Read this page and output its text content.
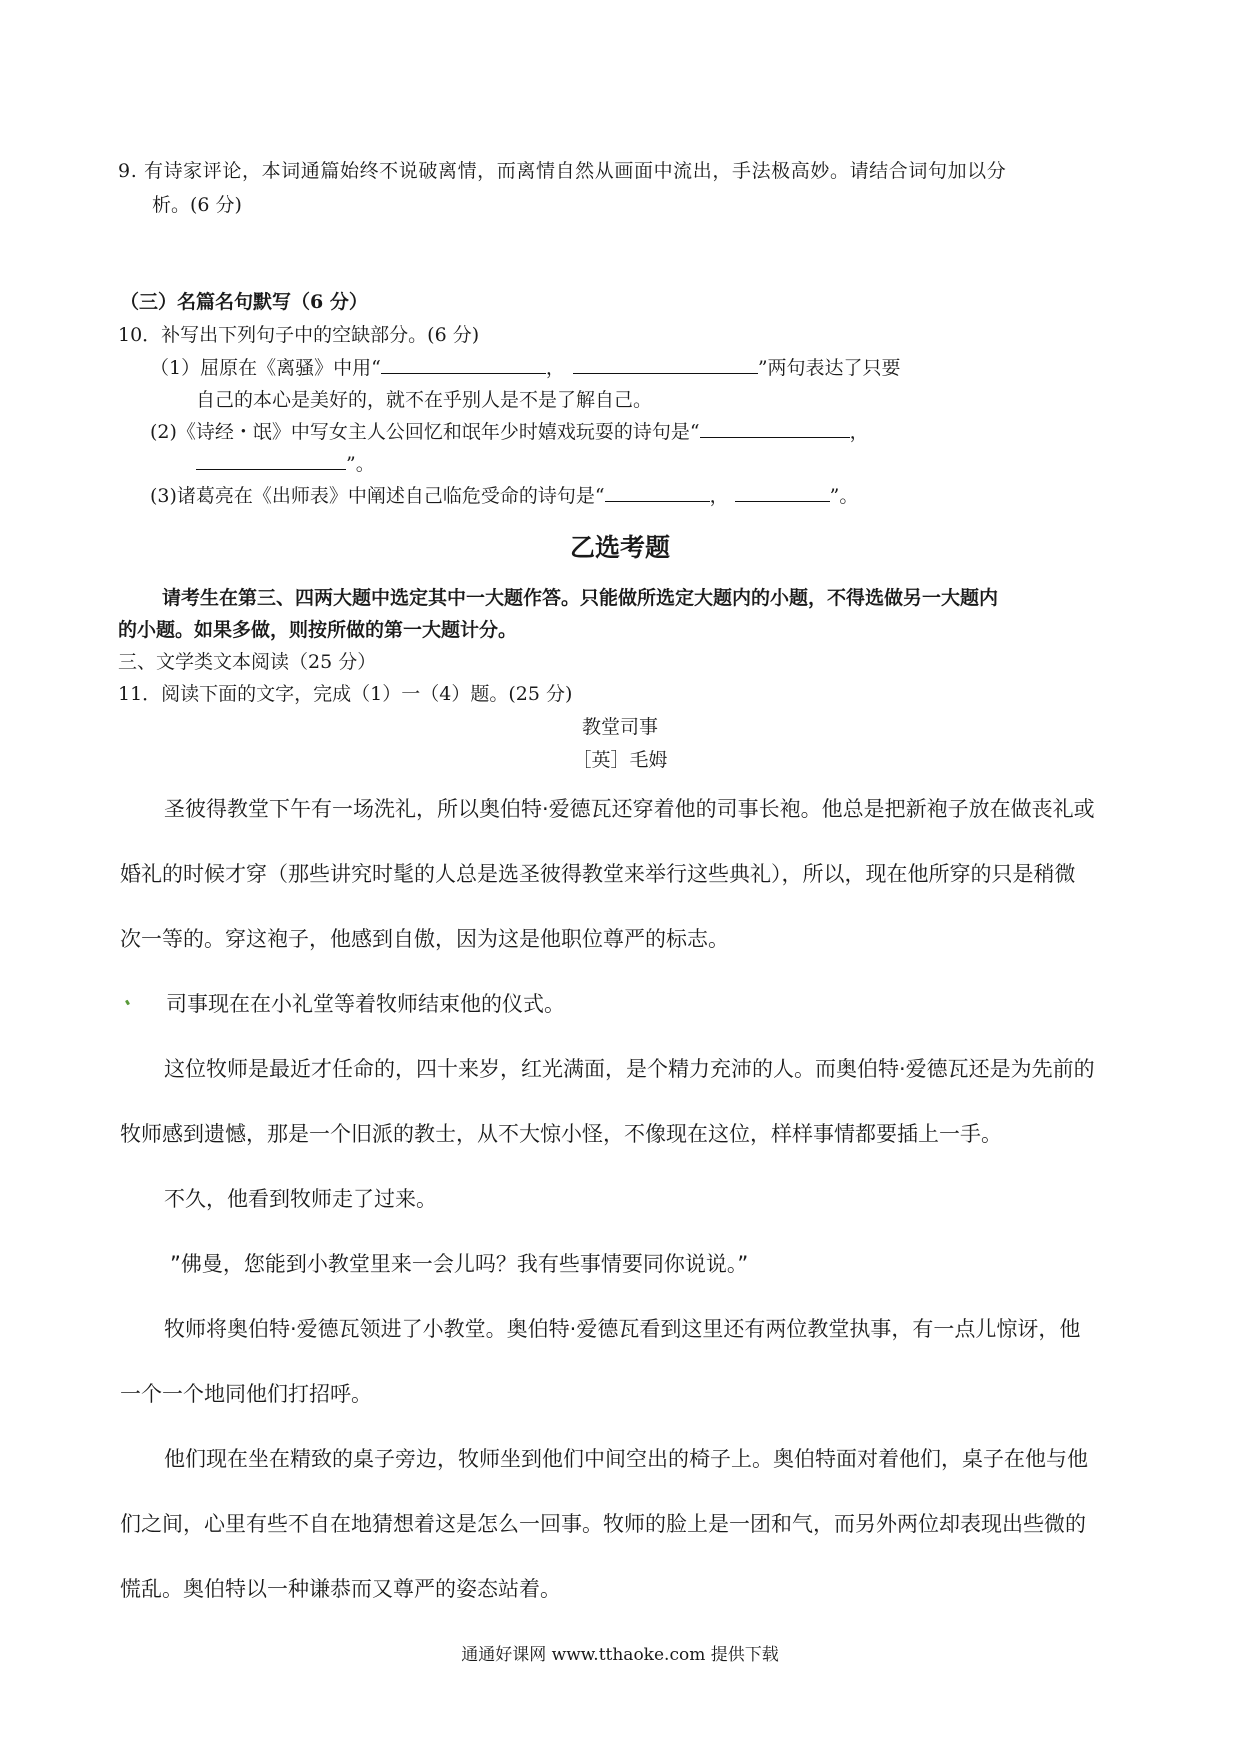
9. 有诗家评论，本词通篇始终不说破离情，而离情自然从画面中流出，手法极高妙。请结合词句加以分
析。(6 分)
（三）名篇名句默写（6 分）
10．补写出下列句子中的空缺部分。(6 分)
（1）屈原在《离骚》中用“	，	”两句表达了只要
自己的本心是美好的，就不在乎别人是不是了解自己。
(2)《诗经・氓》中写女主人公回忆和氓年少时嬉戏玩耍的诗句是“	，
”。
(3)诸葛亮在《出师表》中阐述自己临危受命的诗句是“	，	”。
乙选考题
请考生在第三、四两大题中选定其中一大题作答。只能做所选定大题内的小题，不得选做另一大题内
的小题。如果多做，则按所做的第一大题计分。
三、文学类文本阅读（25 分）
11．阅读下面的文字，完成（1）一（4）题。(25 分)
教堂司事
［英］毛姆
圣彼得教堂下午有一场洗礼，所以奥伯特·爱德瓦还穿着他的司事长袍。他总是把新袍子放在做丧礼或
婚礼的时候才穿（那些讲究时髦的人总是选圣彼得教堂来举行这些典礼），所以，现在他所穿的只是稍微
次一等的。穿这袍子，他感到自傲，因为这是他职位尊严的标志。
司事现在在小礼堂等着牧师结束他的仪式。
这位牧师是最近才任命的，四十来岁，红光满面，是个精力充沛的人。而奥伯特·爱德瓦还是为先前的
牧师感到遗憾，那是一个旧派的教士，从不大惊小怪，不像现在这位，样样事情都要插上一手。
不久，他看到牧师走了过来。
”佛曼，您能到小教堂里来一会儿吗？我有些事情要同你说说。”
牧师将奥伯特·爱德瓦领进了小教堂。奥伯特·爱德瓦看到这里还有两位教堂执事，有一点儿惊讶，他
一个一个地同他们打招呼。
他们现在坐在精致的桌子旁边，牧师坐到他们中间空出的椅子上。奥伯特面对着他们，桌子在他与他
们之间，心里有些不自在地猜想着这是怎么一回事。牧师的脸上是一团和气，而另外两位却表现出些微的
慌乱。奥伯特以一种谦恭而又尊严的姿态站着。
通通好课网 www.tthaoke.com 提供下载
